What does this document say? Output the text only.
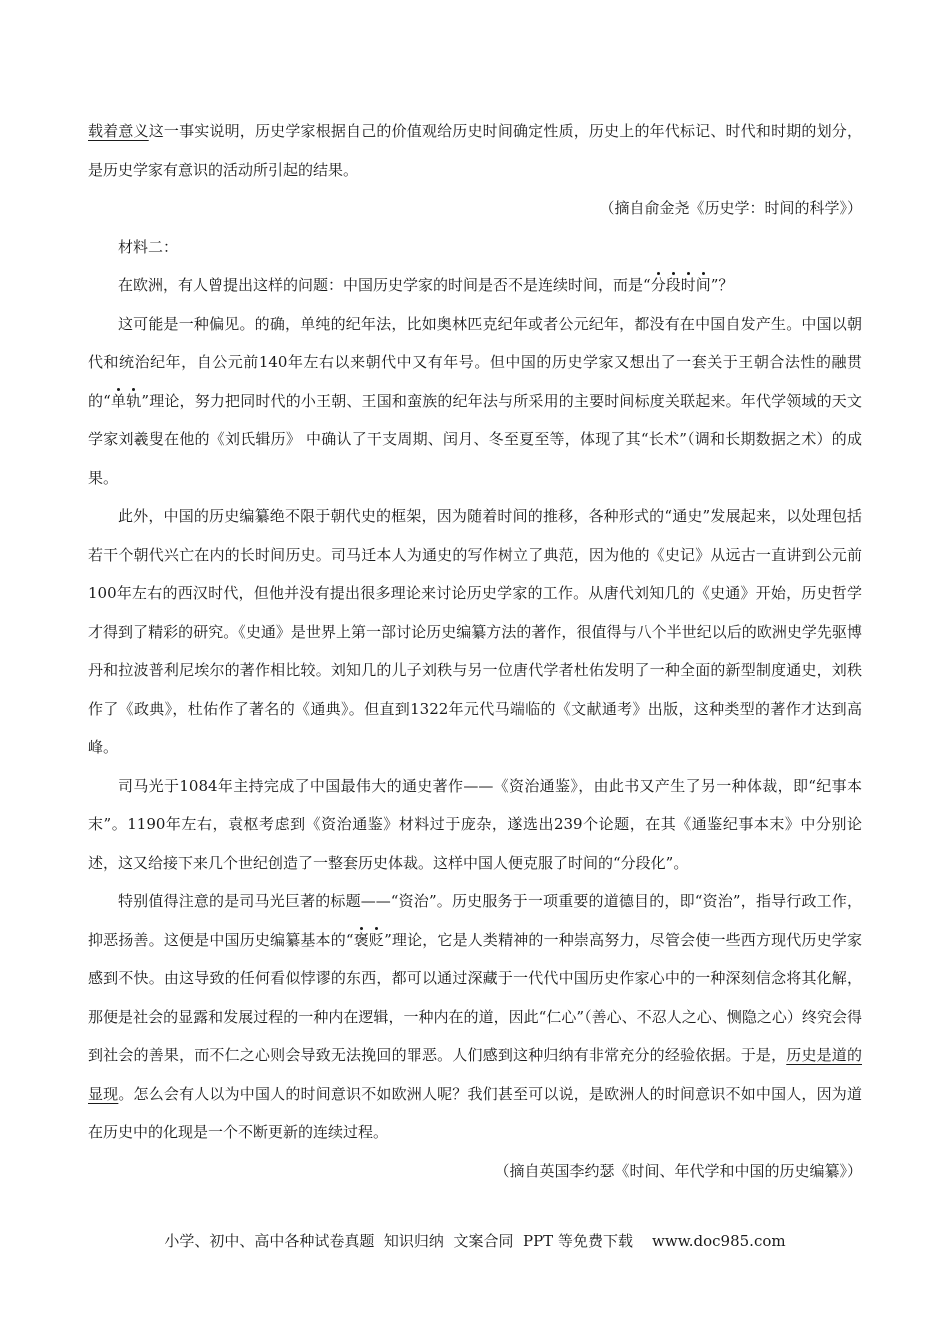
载着意义这一事实说明，历史学家根据自己的价值观给历史时间确定性质，历史上的年代标记、时代和时期的划分，是历史学家有意识的活动所引起的结果。

（摘自俞金尧《历史学：时间的科学》）

材料二：

在欧洲，有人曾提出这样的问题：中国历史学家的时间是否不是连续时间，而是“分段时间”？

这可能是一种偏见。的确，单纯的纪年法，比如奥林匹克纪年或者公元纪年，都没有在中国自发产生。中国以朝代和统治纪年，自公元前140年左右以来朝代中又有年号。但中国的历史学家又想出了一套关于王朝合法性的融贯的“单轨”理论，努力把同时代的小王朝、王国和蛮族的纪年法与所采用的主要时间标度关联起来。年代学领域的天文学家刘羲叟在他的《刘氏辑历》 中确认了干支周期、闰月、冬至夏至等，体现了其“长术”（调和长期数据之术）的成果。

此外，中国的历史编纂绝不限于朝代史的框架，因为随着时间的推移，各种形式的“通史”发展起来，以处理包括若干个朝代兴亡在内的长时间历史。司马迁本人为通史的写作树立了典范，因为他的《史记》从远古一直讲到公元前100年左右的西汉时代，但他并没有提出很多理论来讨论历史学家的工作。从唐代刘知几的《史通》开始，历史哲学才得到了精彩的研究。《史通》是世界上第一部讨论历史编纂方法的著作，很值得与八个半世纪以后的欧洲史学先驱博丹和拉波普利尼埃尔的著作相比较。刘知几的儿子刘秩与另一位唐代学者杜佑发明了一种全面的新型制度通史，刘秩作了《政典》，杜佑作了著名的《通典》。但直到1322年元代马端临的《文献通考》出版，这种类型的著作才达到高峰。

司马光于1084年主持完成了中国最伟大的通史著作——《资治通鉴》，由此书又产生了另一种体裁，即“纪事本末”。1190年左右，袁枢考虑到《资治通鉴》材料过于庞杂，遂选出239个论题，在其《通鉴纪事本末》中分别论述，这又给接下来几个世纪创造了一整套历史体裁。这样中国人便克服了时间的“分段化”。

特别值得注意的是司马光巨著的标题——“资治”。历史服务于一项重要的道德目的，即“资治”，指导行政工作，抑恶扬善。这便是中国历史编纂基本的“褒贬”理论，它是人类精神的一种崇高努力，尽管会使一些西方现代历史学家感到不快。由这导致的任何看似悖谬的东西，都可以通过深藏于一代代中国历史作家心中的一种深刻信念将其化解，那便是社会的显露和发展过程的一种内在逻辑，一种内在的道，因此“仁心”（善心、不忍人之心、恻隐之心）终究会得到社会的善果，而不仁之心则会导致无法挽回的罪恶。人们感到这种归纳有非常充分的经验依据。于是，历史是道的显现。怎么会有人以为中国人的时间意识不如欧洲人呢？我们甚至可以说，是欧洲人的时间意识不如中国人，因为道在历史中的化现是一个不断更新的连续过程。

（摘自英国李约瑟《时间、年代学和中国的历史编纂》）

小学、初中、高中各种试卷真题  知识归纳  文案合同  PPT 等免费下载    www.doc985.com
